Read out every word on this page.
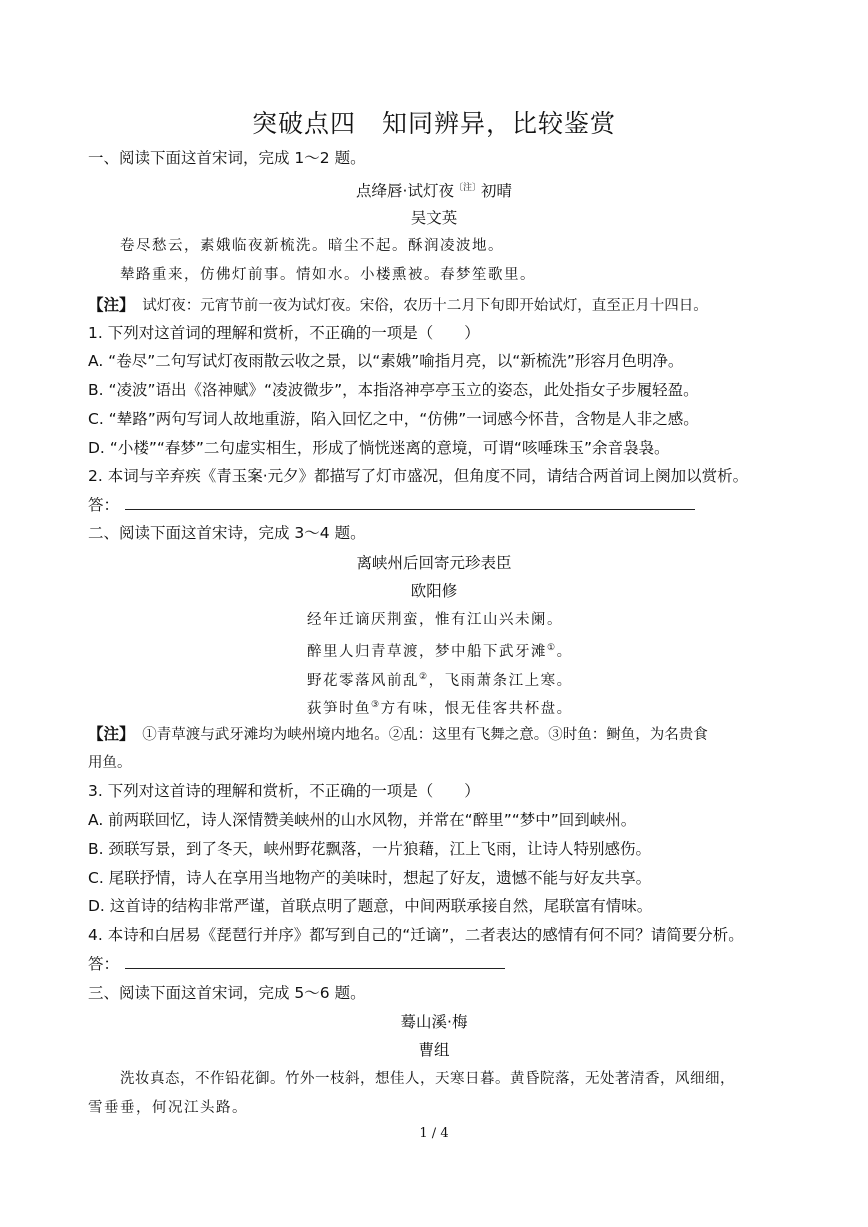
突破点四　知同辨异，比较鉴赏
一、阅读下面这首宋词，完成 1～2 题。
点绛唇·试灯夜$^{〔注〕}$初晴
吴文英
卷尽愁云，素娥临夜新梳洗。暗尘不起。酥润凌波地。
辇路重来，仿佛灯前事。情如水。小楼熏被。春梦笙歌里。
【注】　 试灯夜：元宵节前一夜为试灯夜。宋俗，农历十二月下旬即开始试灯，直至正月十四日。
1. 下列对这首词的理解和赏析，不正确的一项是（　　）
A. “卷尽”二句写试灯夜雨散云收之景，以“素娥”喻指月亮，以“新梳洗”形容月色明净。
B. “凌波”语出《洛神赋》“凌波微步”，本指洛神亭亭玉立的姿态，此处指女子步履轻盈。
C. “辇路”两句写词人故地重游，陷入回忆之中，“仿佛”一词感今怀昔，含物是人非之感。
D. “小楼”“春梦”二句虚实相生，形成了惝恍迷离的意境，可谓“咳唾珠玉”余音袅袅。
2. 本词与辛弃疾《青玉案·元夕》都描写了灯市盛况，但角度不同，请结合两首词上阕加以赏析。
答：
二、阅读下面这首宋诗，完成 3～4 题。
离峡州后回寄元珍表臣
欧阳修
经年迁谪厌荆蛮，惟有江山兴未阑。
醉里人归青草渡，梦中船下武牙滩①。
野花零落风前乱②，飞雨萧条江上寒。
荻笋时鱼③方有味，恨无佳客共杯盘。
【注】　 ①青草渡与武牙滩均为峡州境内地名。②乱：这里有飞舞之意。③时鱼：鲥鱼，为名贵食
用鱼。
3. 下列对这首诗的理解和赏析，不正确的一项是（　　）
A. 前两联回忆，诗人深情赞美峡州的山水风物，并常在“醉里”“梦中”回到峡州。
B. 颈联写景，到了冬天，峡州野花飘落，一片狼藉，江上飞雨，让诗人特别感伤。
C. 尾联抒情，诗人在享用当地物产的美味时，想起了好友，遗憾不能与好友共享。
D. 这首诗的结构非常严谨，首联点明了题意，中间两联承接自然，尾联富有情味。
4. 本诗和白居易《琵琶行并序》都写到自己的“迁谪”，二者表达的感情有何不同？请简要分析。
答：
三、阅读下面这首宋词，完成 5～6 题。
蓦山溪·梅
曹组
洗妆真态，不作铅花御。竹外一枝斜，想佳人，天寒日暮。黄昏院落，无处著清香，风细细，
雪垂垂，何况江头路。
1 / 4
